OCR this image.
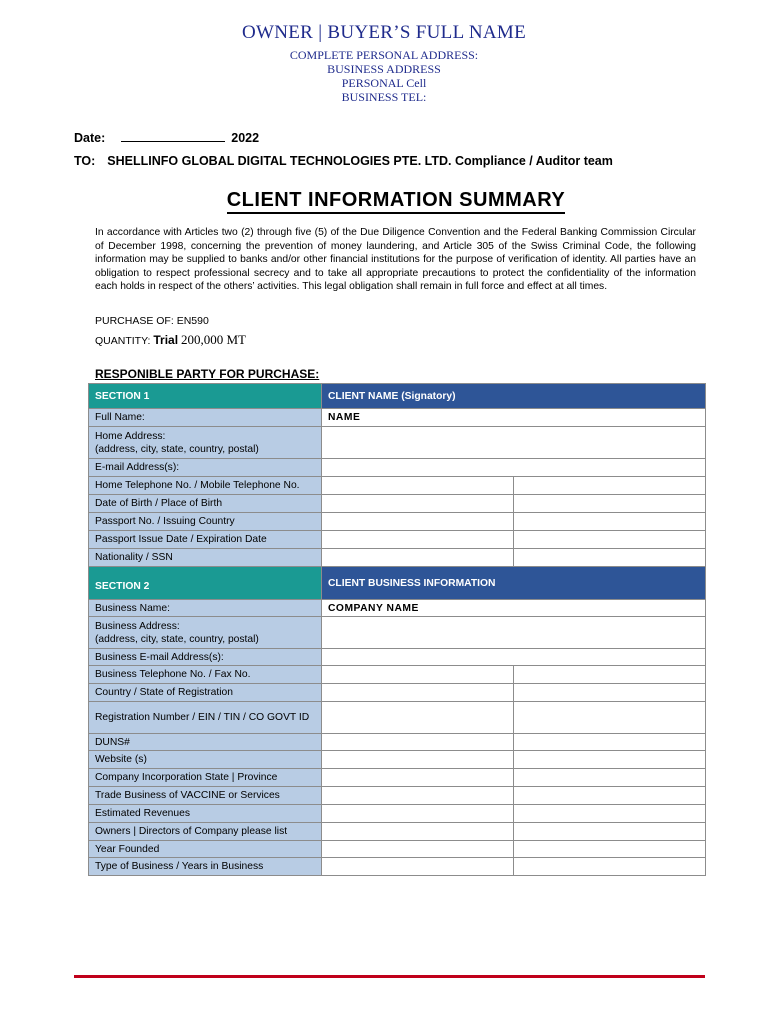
OWNER | BUYER’S FULL NAME
COMPLETE PERSONAL ADDRESS:
BUSINESS ADDRESS
PERSONAL Cell
BUSINESS TEL:
Date:	2022
TO: SHELLINFO GLOBAL DIGITAL TECHNOLOGIES PTE. LTD. Compliance / Auditor team
CLIENT INFORMATION SUMMARY
In accordance with Articles two (2) through five (5) of the Due Diligence Convention and the Federal Banking Commission Circular of December 1998, concerning the prevention of money laundering, and Article 305 of the Swiss Criminal Code, the following information may be supplied to banks and/or other financial institutions for the purpose of verification of identity. All parties have an obligation to respect professional secrecy and to take all appropriate precautions to protect the confidentiality of the information each holds in respect of the others’ activities. This legal obligation shall remain in full force and effect at all times.
PURCHASE OF: EN590
QUANTITY: Trial 200,000 MT
RESPONIBLE PARTY FOR PURCHASE:
SECTION 1	CLIENT NAME (Signatory)	
Full Name:	NAME	

Home Address:
(address, city, state, country, postal)		

E-mail Address(s):		
Home Telephone No. / Mobile Telephone No.		
Date of Birth / Place of Birth		
Passport No. / Issuing Country		
Passport Issue Date / Expiration Date		
Nationality / SSN		
SECTION 2	CLIENT BUSINESS INFORMATION	
Business Name:	COMPANY NAME	

Business Address:
(address, city, state, country, postal)		

Business E-mail Address(s):		
Business Telephone No. / Fax No.		
Country / State of Registration		
Registration Number / EIN / TIN / CO GOVT ID		
DUNS#		
Website (s)		
Company Incorporation State | Province		
Trade Business of VACCINE or Services		
Estimated Revenues		
Owners | Directors of Company please list		
Year Founded		
Type of Business / Years in Business		
